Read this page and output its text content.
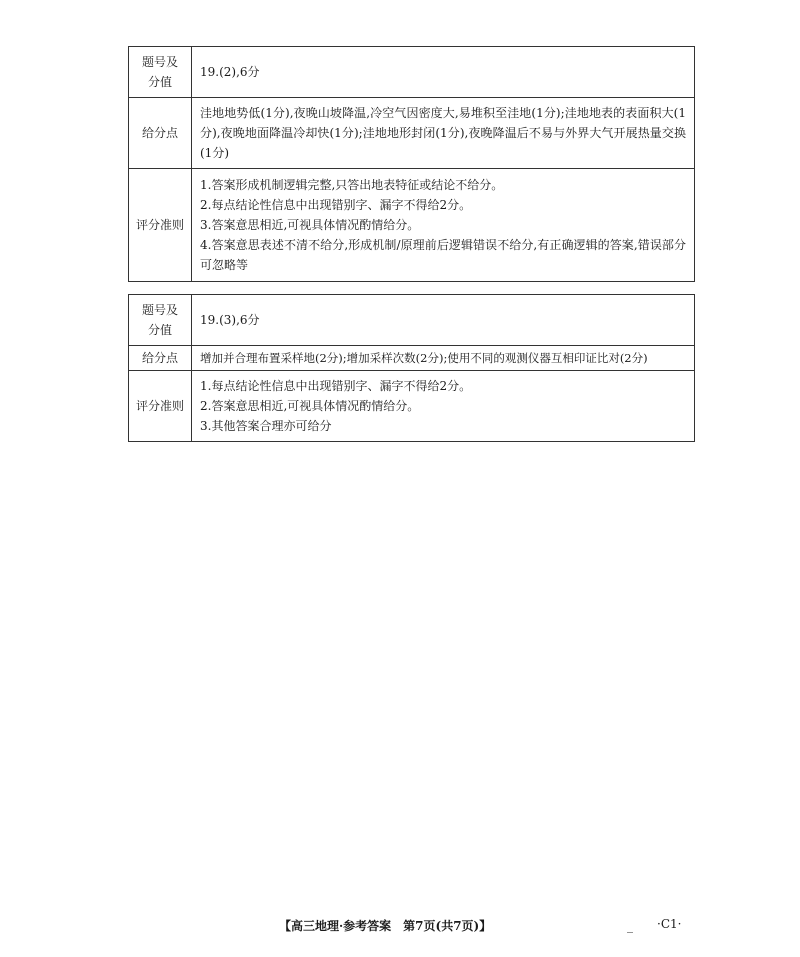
题号及
分值	19.(2),6分
给分点	洼地地势低(1分),夜晚山坡降温,冷空气因密度大,易堆积至洼地(1分);洼地地表的表面积大(1分),夜晚地面降温冷却快(1分);洼地地形封闭(1分),夜晚降温后不易与外界大气开展热量交换(1分)
评分准则	1.答案形成机制逻辑完整,只答出地表特征或结论不给分。
2.每点结论性信息中出现错别字、漏字不得给2分。
3.答案意思相近,可视具体情况酌情给分。
4.答案意思表述不清不给分,形成机制/原理前后逻辑错误不给分,有正确逻辑的答案,错误部分可忽略等
题号及
分值	19.(3),6分
给分点	增加并合理布置采样地(2分);增加采样次数(2分);使用不同的观测仪器互相印证比对(2分)
评分准则	1.每点结论性信息中出现错别字、漏字不得给2分。
2.答案意思相近,可视具体情况酌情给分。
3.其他答案合理亦可给分
【高三地理·参考答案　第7页(共7页)】	_ ·C1·
